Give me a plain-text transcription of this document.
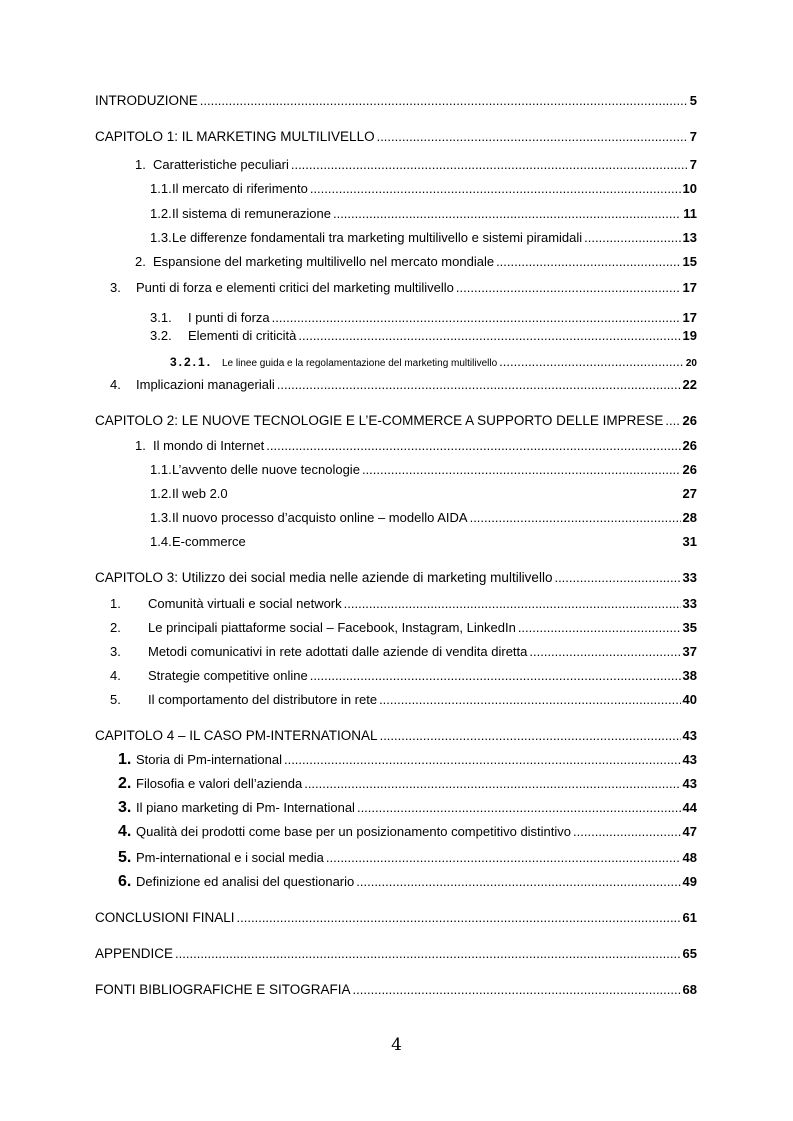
INTRODUZIONE .....	5
CAPITOLO 1: IL MARKETING MULTILIVELLO .....	7
1. Caratteristiche peculiari .....	7
1.1. Il mercato di riferimento .....	10
1.2. Il sistema di remunerazione .....	11
1.3. Le differenze fondamentali tra marketing multilivello e sistemi piramidali .....	13
2. Espansione del marketing multilivello nel mercato mondiale .....	15
3.	Punti di forza e elementi critici del marketing multilivello .....	17
3.1.	I punti di forza .....	17
3.2.	Elementi di criticità .....	19
3.2.1. Le linee guida e la regolamentazione del marketing multilivello .....	20
4.	Implicazioni manageriali .....	22
CAPITOLO 2: LE NUOVE TECNOLOGIE E L’E-COMMERCE A SUPPORTO DELLE IMPRESE ..... 26
1. Il mondo di Internet .....	26
1.1. L’avvento delle nuove tecnologie .....	26
1.2. Il web 2.0	27
1.3. Il nuovo processo d’acquisto online – modello AIDA .....	28
1.4. E-commerce	31
CAPITOLO 3: Utilizzo dei social media nelle aziende di marketing multilivello .....	33
1.	Comunità virtuali e social network .....	33
2.	Le principali piattaforme social – Facebook, Instagram, LinkedIn .....	35
3.	Metodi comunicativi in rete adottati dalle aziende di vendita diretta .....	37
4.	Strategie competitive online .....	38
5.	Il comportamento del distributore in rete .....	40
CAPITOLO 4 – IL CASO PM-INTERNATIONAL .....	43
1. Storia di Pm-international .....	43
2. Filosofia e valori dell’azienda .....	43
3. Il piano marketing di Pm- International .....	44
4. Qualità dei prodotti come base per un posizionamento competitivo distintivo .....	47
5. Pm-international e i social media .....	48
6. Definizione ed analisi del questionario .....	49
CONCLUSIONI FINALI .....	61
APPENDICE .....	65
FONTI BIBLIOGRAFICHE E SITOGRAFIA .....	68
4
